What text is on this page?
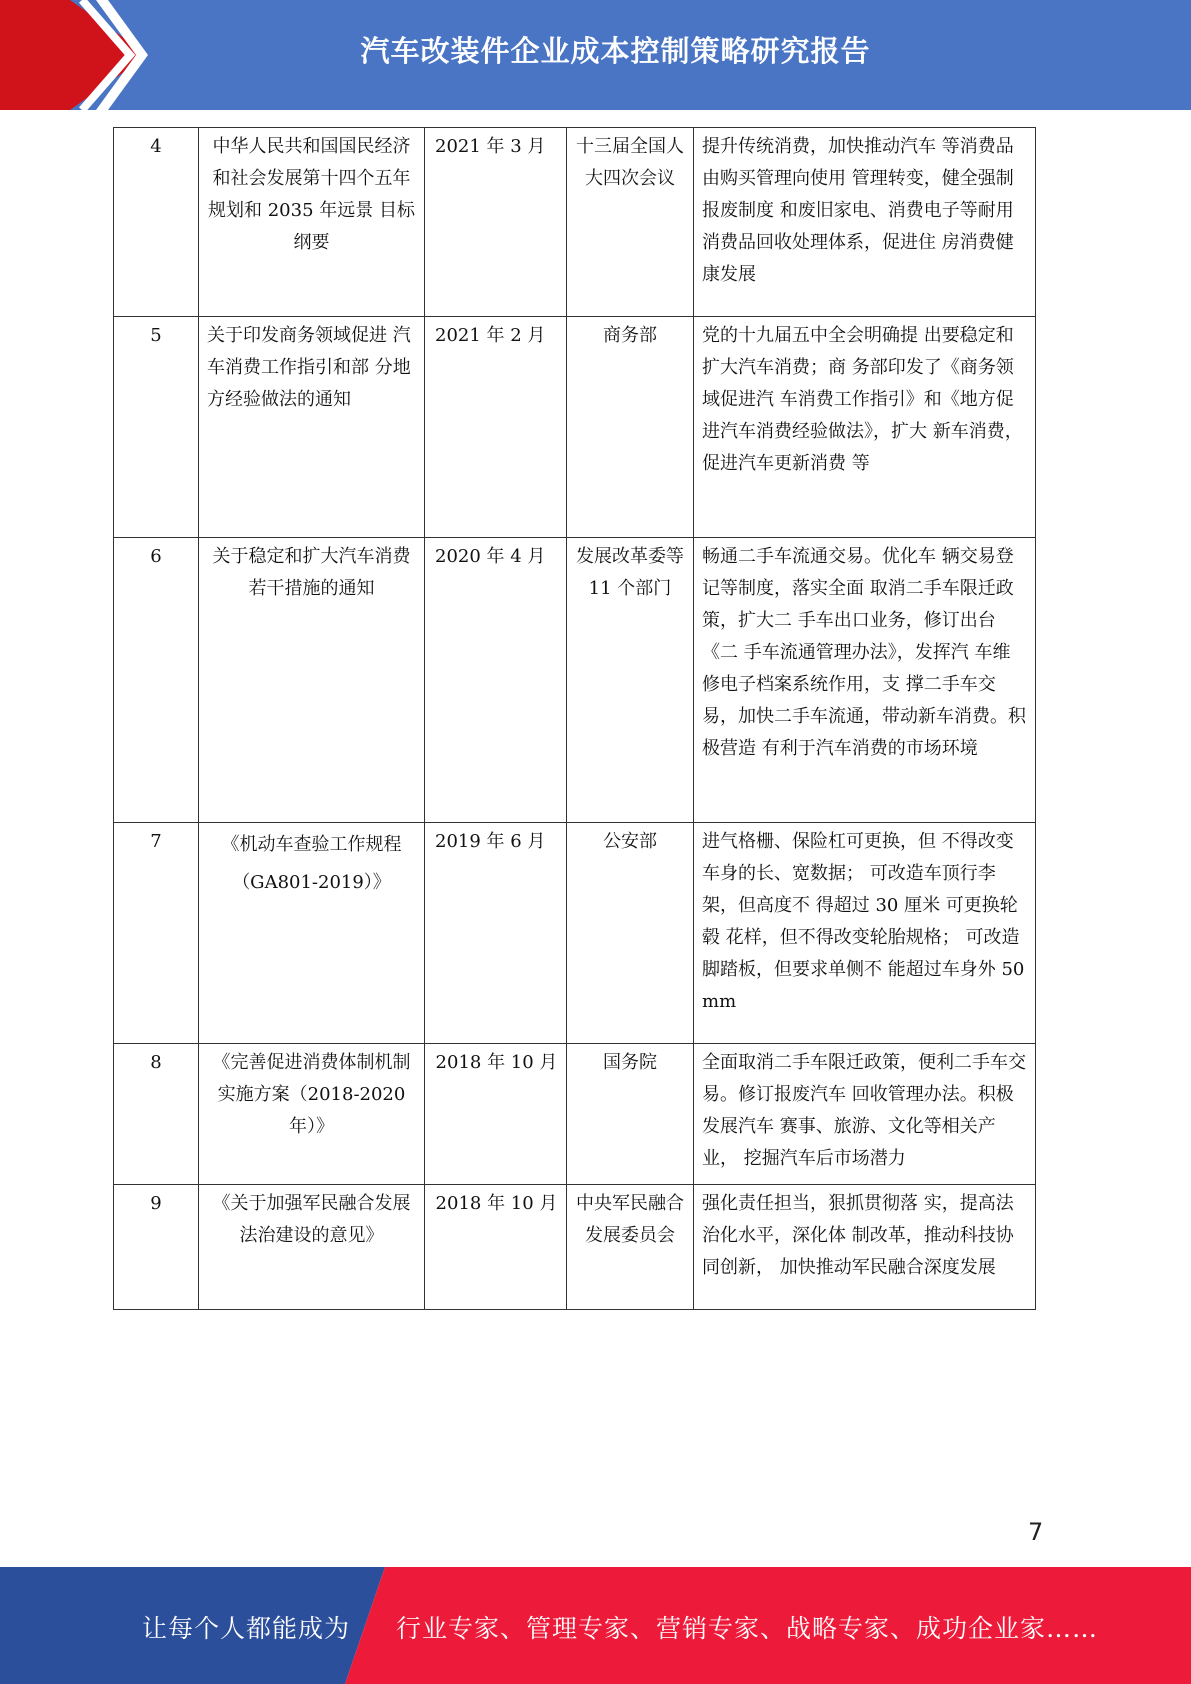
汽车改装件企业成本控制策略研究报告
4	中华人民共和国国民经济和社会发展第十四个五年规划和 2035 年远景 目标纲要	2021 年 3 月	十三届全国人大四次会议	提升传统消费，加快推动汽车 等消费品由购买管理向使用 管理转变，健全强制报废制度 和废旧家电、消费电子等耐用 消费品回收处理体系，促进住 房消费健康发展
5	关于印发商务领域促进 汽车消费工作指引和部 分地方经验做法的通知	2021 年 2 月	商务部	党的十九届五中全会明确提 出要稳定和扩大汽车消费；商 务部印发了《商务领域促进汽 车消费工作指引》和《地方促 进汽车消费经验做法》，扩大 新车消费，促进汽车更新消费 等
6	关于稳定和扩大汽车消费若干措施的通知	2020 年 4 月	发展改革委等 11 个部门	畅通二手车流通交易。优化车 辆交易登记等制度，落实全面 取消二手车限迁政策，扩大二 手车出口业务，修订出台《二 手车流通管理办法》，发挥汽 车维修电子档案系统作用，支 撑二手车交易，加快二手车流通，带动新车消费。积极营造 有利于汽车消费的市场环境
7	《机动车查验工作规程（GA801-2019）》	2019 年 6 月	公安部	进气格栅、保险杠可更换，但 不得改变车身的长、宽数据； 可改造车顶行李架，但高度不 得超过 30 厘米 可更换轮毂 花样，但不得改变轮胎规格； 可改造脚踏板，但要求单侧不 能超过车身外 50mm
8	《完善促进消费体制机制实施方案（2018-2020 年）》	2018 年 10 月	国务院	全面取消二手车限迁政策，便利二手车交易。修订报废汽车 回收管理办法。积极发展汽车 赛事、旅游、文化等相关产业， 挖掘汽车后市场潜力
9	《关于加强军民融合发展法治建设的意见》	2018 年 10 月	中央军民融合发展委员会	强化责任担当，狠抓贯彻落 实，提高法治化水平，深化体 制改革，推动科技协同创新， 加快推动军民融合深度发展
7
让每个人都能成为 行业专家、管理专家、营销专家、战略专家、成功企业家……
